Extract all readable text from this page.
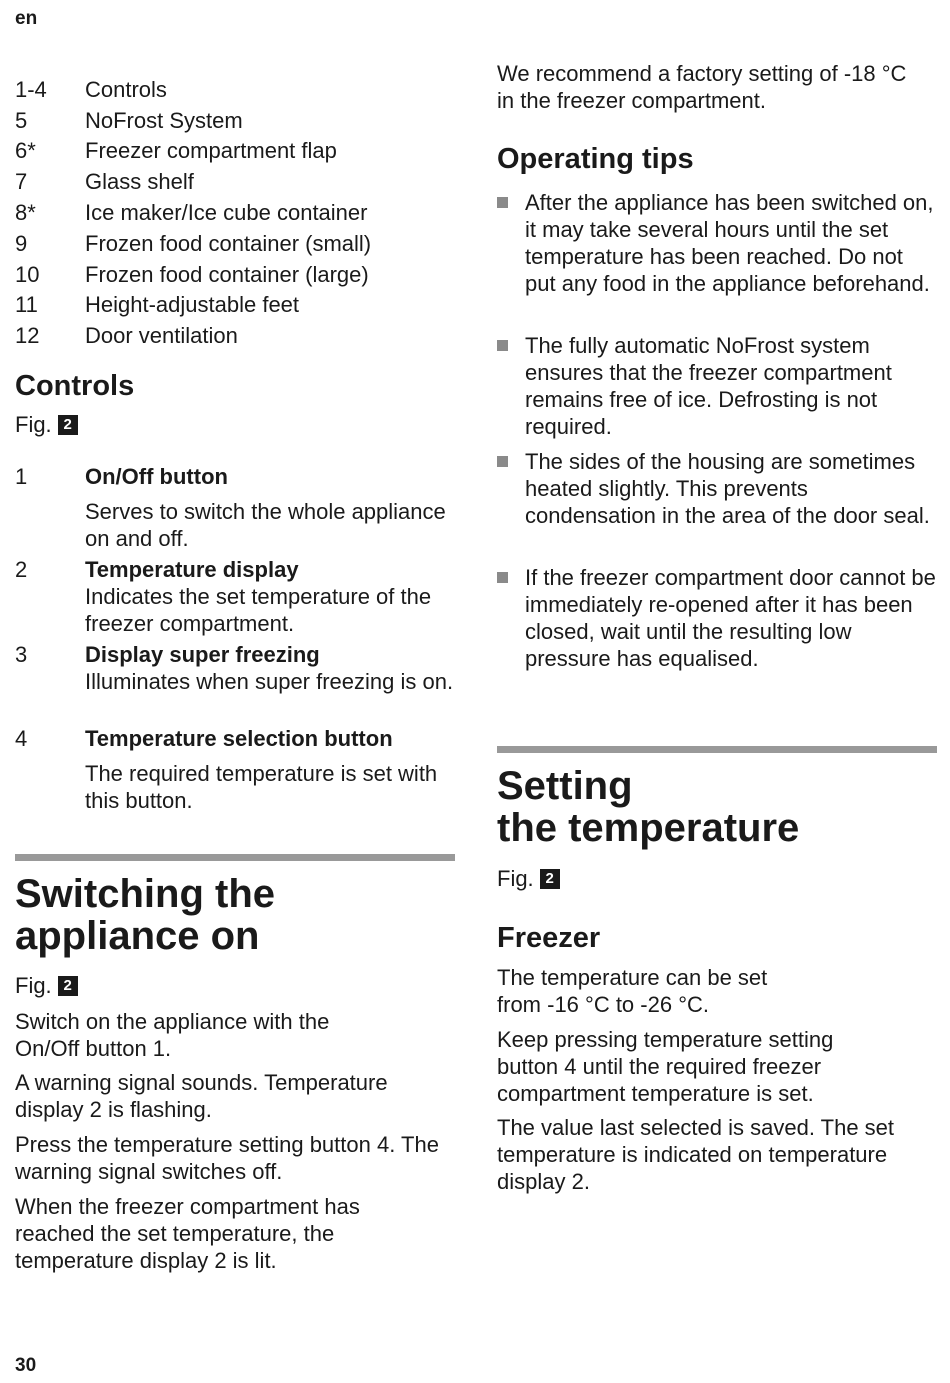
en
1-4	Controls
5	NoFrost System
6*	Freezer compartment flap
7	Glass shelf
8*	Ice maker/Ice cube container
9	Frozen food container (small)
10	Frozen food container (large)
11	Height-adjustable feet
12	Door ventilation
Controls
Fig. 2
1	On/Off button

Serves to switch the whole appliance on and off.

2	Temperature display

Indicates the set temperature of the freezer compartment.

3	Display super freezing

Illuminates when super freezing is on.

4	Temperature selection button

The required temperature is set with this button.

Switching the
appliance on
Fig. 2

Switch on the appliance with the On/Off button 1.

A warning signal sounds. Temperature display 2 is flashing.

Press the temperature setting button 4. The warning signal switches off.

When the freezer compartment has reached the set temperature, the temperature display 2 is lit.

We recommend a factory setting of -18 °C in the freezer compartment.

Operating tips

After the appliance has been switched on, it may take several hours until the set temperature has been reached. Do not put any food in the appliance beforehand.

The fully automatic NoFrost system ensures that the freezer compartment remains free of ice. Defrosting is not required.

The sides of the housing are sometimes heated slightly. This prevents condensation in the area of the door seal.

If the freezer compartment door cannot be immediately re-opened after it has been closed, wait until the resulting low pressure has equalised.

Setting
the temperature
Fig. 2
Freezer

The temperature can be set from -16 °C to -26 °C.

Keep pressing temperature setting button 4 until the required freezer compartment temperature is set.

The value last selected is saved. The set temperature is indicated on temperature display 2.

30
